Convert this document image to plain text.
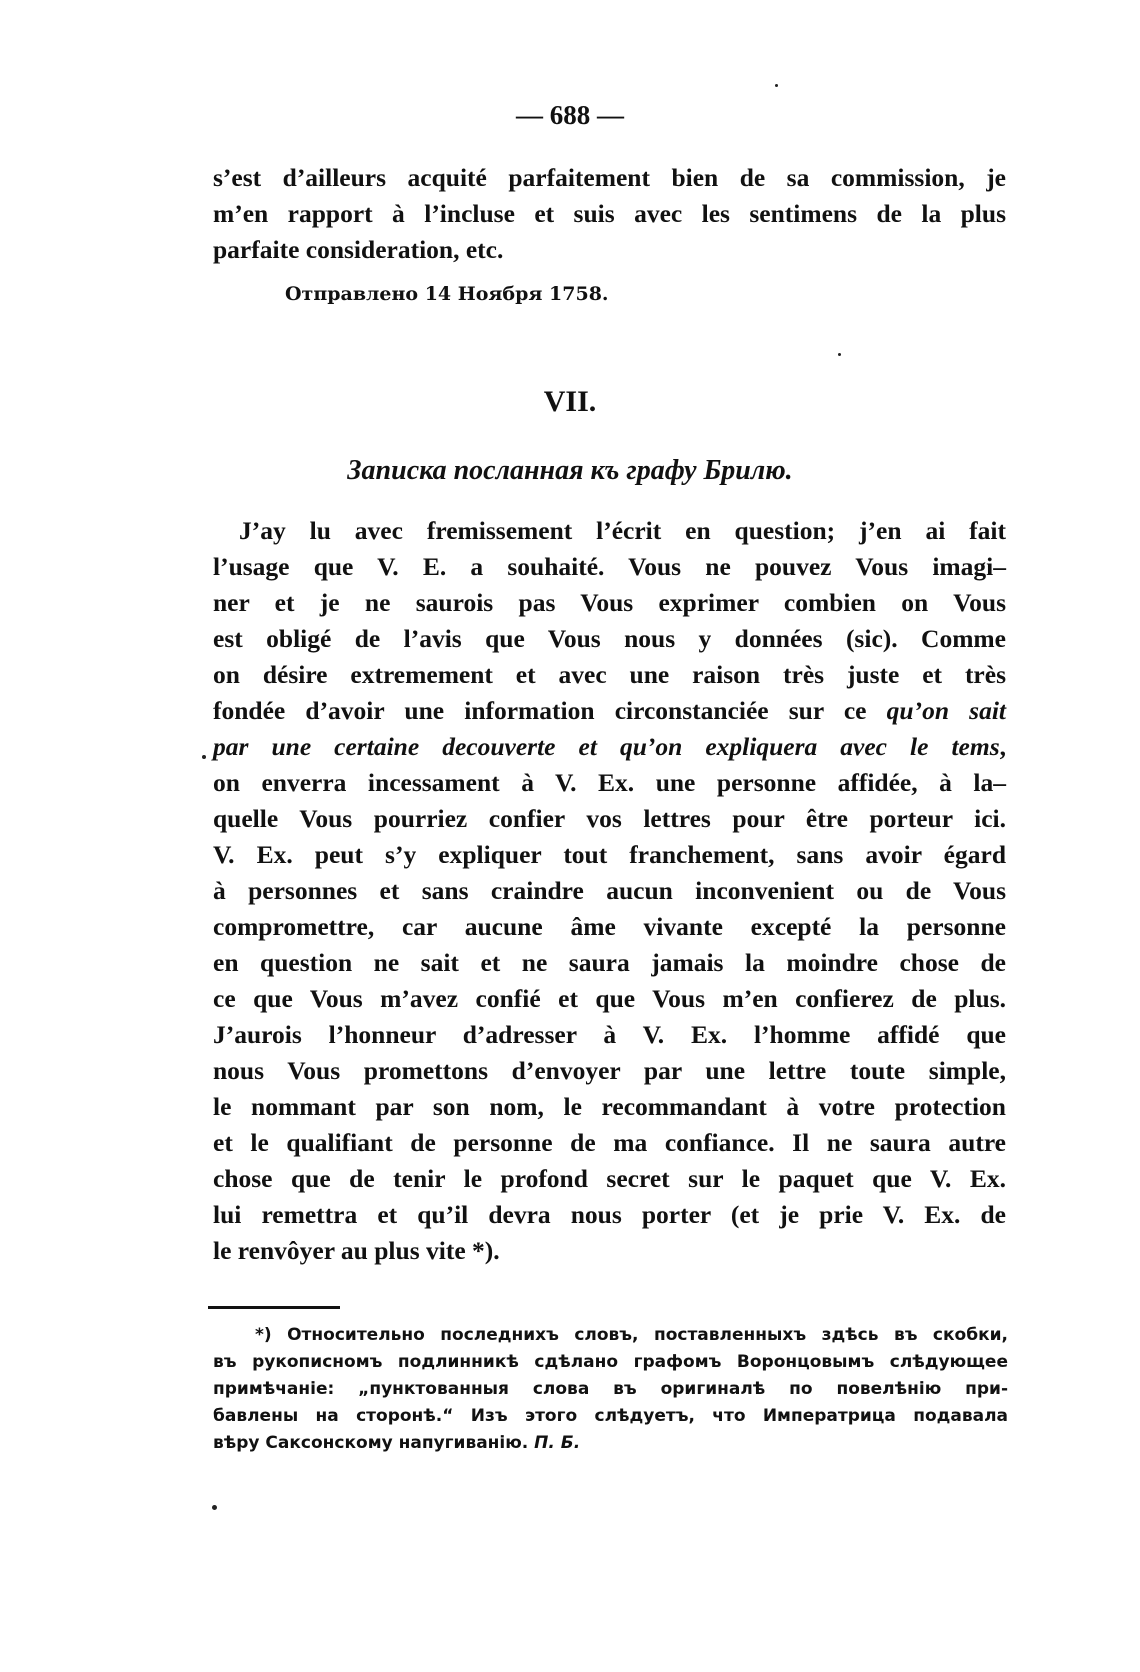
— 688 —
s’est d’ailleurs acquité parfaitement bien de sa commission, je
m’en rapport à l’incluse et suis avec les sentimens de la plus
parfaite consideration, etc.
Отправлено 14 Ноября 1758.
VII.
Записка посланная къ графу Брилю.
J’ay lu avec fremissement l’écrit en question; j’en ai fait
l’usage que V. E. a souhaité. Vous ne pouvez Vous imagi–
ner et je ne saurois pas Vous exprimer combien on Vous
est obligé de l’avis que Vous nous y données (sic). Comme
on désire extremement et avec une raison très juste et très
fondée d’avoir une information circonstanciée sur ce qu’on sait
par une certaine decouverte et qu’on expliquera avec le tems,
on enverra incessament à V. Ex. une personne affidée, à la–
quelle Vous pourriez confier vos lettres pour être porteur ici.
V. Ex. peut s’y expliquer tout franchement, sans avoir égard
à personnes et sans craindre aucun inconvenient ou de Vous
compromettre, car aucune âme vivante excepté la personne
en question ne sait et ne saura jamais la moindre chose de
ce que Vous m’avez confié et que Vous m’en confierez de plus.
J’aurois l’honneur d’adresser à V. Ex. l’homme affidé que
nous Vous promettons d’envoyer par une lettre toute simple,
le nommant par son nom, le recommandant à votre protection
et le qualifiant de personne de ma confiance. Il ne saura autre
chose que de tenir le profond secret sur le paquet que V. Ex.
lui remettra et qu’il devra nous porter (et je prie V. Ex. de
le renvôyer au plus vite *).
*) Относительно последнихъ словъ, поставленныхъ здѣсь въ скобки,
въ рукописномъ подлинникѣ сдѣлано графомъ Воронцовымъ слѣдующее
примѣчаніе: „пунктованныя слова въ оригиналѣ по повелѣнію при-
бавлены на сторонѣ.“ Изъ этого слѣдуетъ, что Императрица подавала
вѣру Саксонскому напугиванію. П. Б.
